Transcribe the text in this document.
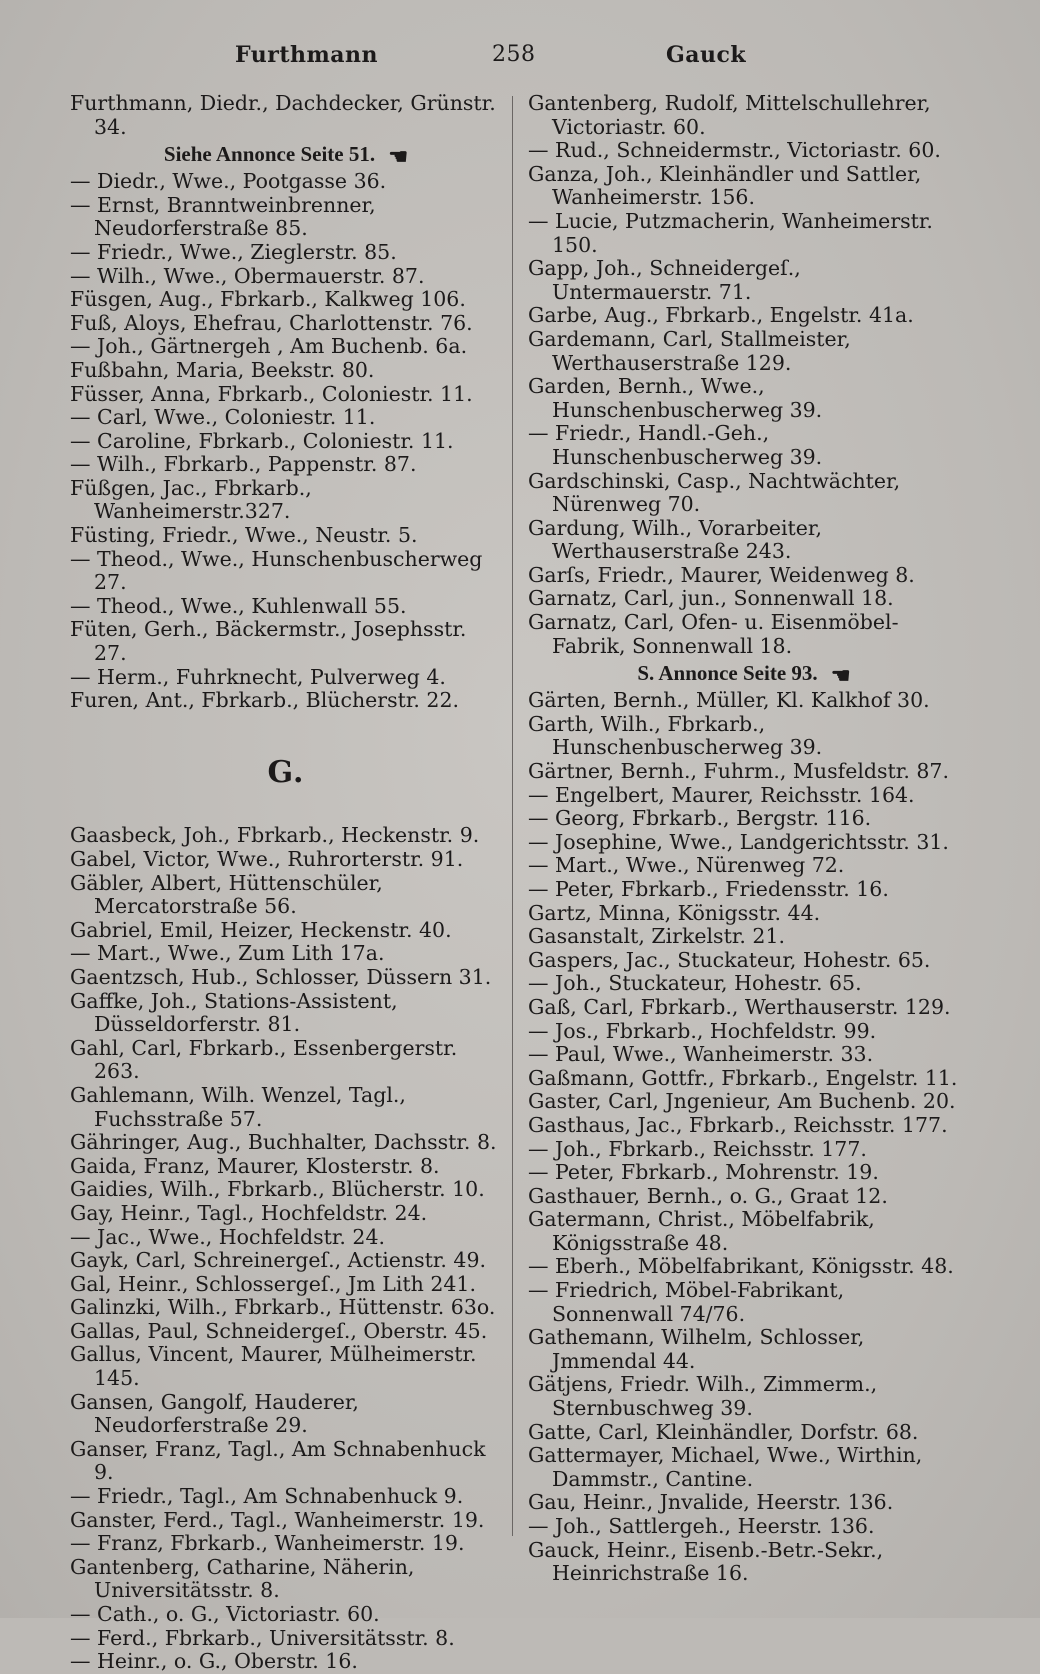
Furthmann	258	Gauck

Furthmann, Diedr., Dachdecker, Grünstr. 34.

Siehe Annonce Seite 51. ☚

— Diedr., Wwe., Pootgasse 36.

— Ernst, Branntweinbrenner, Neudorferstraße 85.

— Friedr., Wwe., Zieglerstr. 85.

— Wilh., Wwe., Obermauerstr. 87.

Füsgen, Aug., Fbrkarb., Kalkweg 106.

Fuß, Aloys, Ehefrau, Charlottenstr. 76.

— Joh., Gärtnergeh , Am Buchenb. 6a.

Fußbahn, Maria, Beekstr. 80.

Füsser, Anna, Fbrkarb., Coloniestr. 11.

— Carl, Wwe., Coloniestr. 11.

— Caroline, Fbrkarb., Coloniestr. 11.

— Wilh., Fbrkarb., Pappenstr. 87.

Füßgen, Jac., Fbrkarb., Wanheimerstr.327.

Füsting, Friedr., Wwe., Neustr. 5.

— Theod., Wwe., Hunschenbuscherweg 27.

— Theod., Wwe., Kuhlenwall 55.

Füten, Gerh., Bäckermstr., Josephsstr. 27.

— Herm., Fuhrknecht, Pulverweg 4.

Furen, Ant., Fbrkarb., Blücherstr. 22.

G.

Gaasbeck, Joh., Fbrkarb., Heckenstr. 9.

Gabel, Victor, Wwe., Ruhrorterstr. 91.

Gäbler, Albert, Hüttenschüler, Mercatorstraße 56.

Gabriel, Emil, Heizer, Heckenstr. 40.

— Mart., Wwe., Zum Lith 17a.

Gaentzsch, Hub., Schlosser, Düssern 31.

Gaffke, Joh., Stations-Assistent, Düsseldorferstr. 81.

Gahl, Carl, Fbrkarb., Essenbergerstr. 263.

Gahlemann, Wilh. Wenzel, Tagl., Fuchsstraße 57.

Gähringer, Aug., Buchhalter, Dachsstr. 8.

Gaida, Franz, Maurer, Klosterstr. 8.

Gaidies, Wilh., Fbrkarb., Blücherstr. 10.

Gay, Heinr., Tagl., Hochfeldstr. 24.

— Jac., Wwe., Hochfeldstr. 24.

Gayk, Carl, Schreinergeſ., Actienstr. 49.

Gal, Heinr., Schlossergeſ., Jm Lith 241.

Galinzki, Wilh., Fbrkarb., Hüttenstr. 63o.

Gallas, Paul, Schneidergeſ., Oberstr. 45.

Gallus, Vincent, Maurer, Mülheimerstr. 145.

Gansen, Gangolf, Hauderer, Neudorferstraße 29.

Ganser, Franz, Tagl., Am Schnabenhuck 9.

— Friedr., Tagl., Am Schnabenhuck 9.

Ganster, Ferd., Tagl., Wanheimerstr. 19.

— Franz, Fbrkarb., Wanheimerstr. 19.

Gantenberg, Catharine, Näherin, Universitätsstr. 8.

— Cath., o. G., Victoriastr. 60.

— Ferd., Fbrkarb., Universitätsstr. 8.

— Heinr., o. G., Oberstr. 16.

Gantenberg, Rudolf, Mittelschullehrer, Victoriastr. 60.

— Rud., Schneidermstr., Victoriastr. 60.

Ganza, Joh., Kleinhändler und Sattler, Wanheimerstr. 156.

— Lucie, Putzmacherin, Wanheimerstr. 150.

Gapp, Joh., Schneidergeſ., Untermauerstr. 71.

Garbe, Aug., Fbrkarb., Engelstr. 41a.

Gardemann, Carl, Stallmeister, Werthauserstraße 129.

Garden, Bernh., Wwe., Hunschenbuscherweg 39.

— Friedr., Handl.-Geh., Hunschenbuscherweg 39.

Gardschinski, Casp., Nachtwächter, Nürenweg 70.

Gardung, Wilh., Vorarbeiter, Werthauserstraße 243.

Garſs, Friedr., Maurer, Weidenweg 8.

Garnatz, Carl, jun., Sonnenwall 18.

Garnatz, Carl, Ofen- u. Eisenmöbel-Fabrik, Sonnenwall 18.

S. Annonce Seite 93. ☚

Gärten, Bernh., Müller, Kl. Kalkhof 30.

Garth, Wilh., Fbrkarb., Hunschenbuscherweg 39.

Gärtner, Bernh., Fuhrm., Musfeldstr. 87.

— Engelbert, Maurer, Reichsstr. 164.

— Georg, Fbrkarb., Bergstr. 116.

— Josephine, Wwe., Landgerichtsstr. 31.

— Mart., Wwe., Nürenweg 72.

— Peter, Fbrkarb., Friedensstr. 16.

Gartz, Minna, Königsstr. 44.

Gasanstalt, Zirkelstr. 21.

Gaspers, Jac., Stuckateur, Hohestr. 65.

— Joh., Stuckateur, Hohestr. 65.

Gaß, Carl, Fbrkarb., Werthauserstr. 129.

— Jos., Fbrkarb., Hochfeldstr. 99.

— Paul, Wwe., Wanheimerstr. 33.

Gaßmann, Gottfr., Fbrkarb., Engelstr. 11.

Gaster, Carl, Jngenieur, Am Buchenb. 20.

Gasthaus, Jac., Fbrkarb., Reichsstr. 177.

— Joh., Fbrkarb., Reichsstr. 177.

— Peter, Fbrkarb., Mohrenstr. 19.

Gasthauer, Bernh., o. G., Graat 12.

Gatermann, Christ., Möbelfabrik, Königsstraße 48.

— Eberh., Möbelfabrikant, Königsstr. 48.

— Friedrich, Möbel-Fabrikant, Sonnenwall 74/76.

Gathemann, Wilhelm, Schlosser, Jmmendal 44.

Gätjens, Friedr. Wilh., Zimmerm., Sternbuschweg 39.

Gatte, Carl, Kleinhändler, Dorfstr. 68.

Gattermayer, Michael, Wwe., Wirthin, Dammstr., Cantine.

Gau, Heinr., Jnvalide, Heerstr. 136.

— Joh., Sattlergeh., Heerstr. 136.

Gauck, Heinr., Eisenb.-Betr.-Sekr., Heinrichstraße 16.
